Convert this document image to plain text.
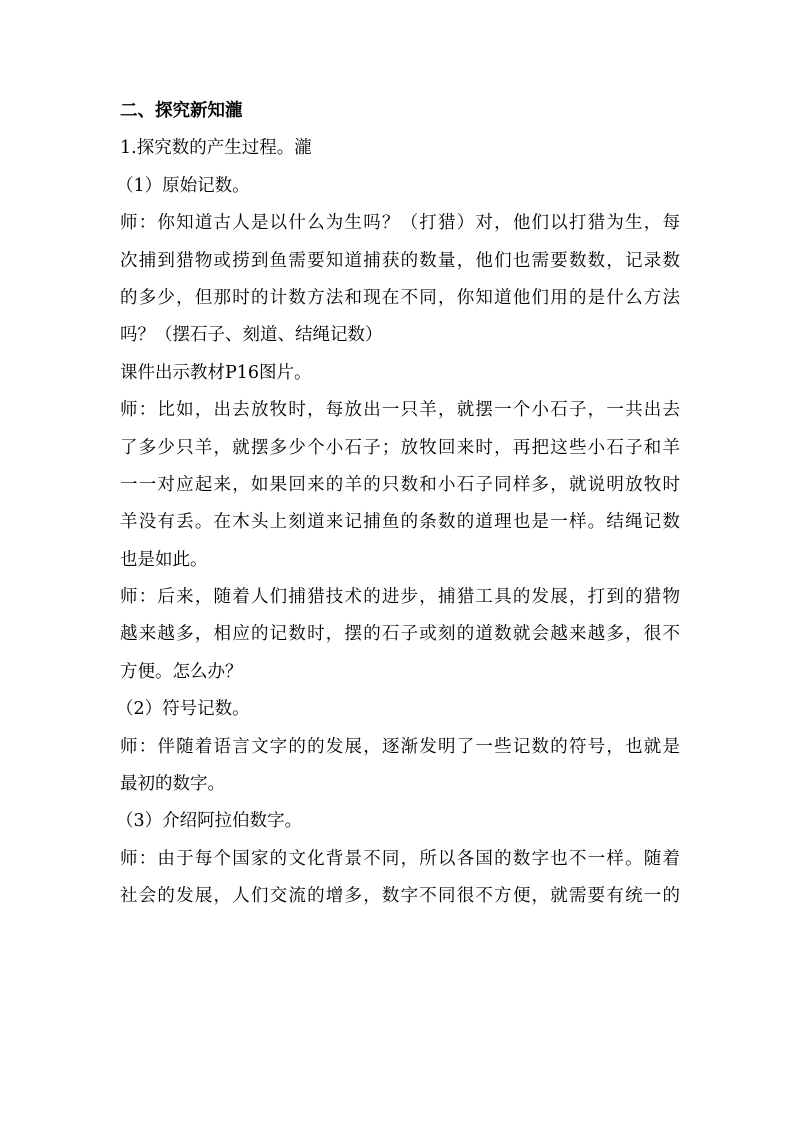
二、探究新知瀧
1.探究数的产生过程。瀧
（1）原始记数。
师：你知道古人是以什么为生吗？（打猎）对，他们以打猎为生，每
次捕到猎物或捞到鱼需要知道捕获的数量，他们也需要数数，记录数
的多少，但那时的计数方法和现在不同，你知道他们用的是什么方法
吗？（摆石子、刻道、结绳记数）
课件出示教材P16图片。
师：比如，出去放牧时，每放出一只羊，就摆一个小石子，一共出去
了多少只羊，就摆多少个小石子；放牧回来时，再把这些小石子和羊
一一对应起来，如果回来的羊的只数和小石子同样多，就说明放牧时
羊没有丢。在木头上刻道来记捕鱼的条数的道理也是一样。结绳记数
也是如此。
师：后来，随着人们捕猎技术的进步，捕猎工具的发展，打到的猎物
越来越多，相应的记数时，摆的石子或刻的道数就会越来越多，很不
方便。怎么办？
（2）符号记数。
师：伴随着语言文字的的发展，逐渐发明了一些记数的符号，也就是
最初的数字。
（3）介绍阿拉伯数字。
师：由于每个国家的文化背景不同，所以各国的数字也不一样。随着
社会的发展，人们交流的增多，数字不同很不方便，就需要有统一的
